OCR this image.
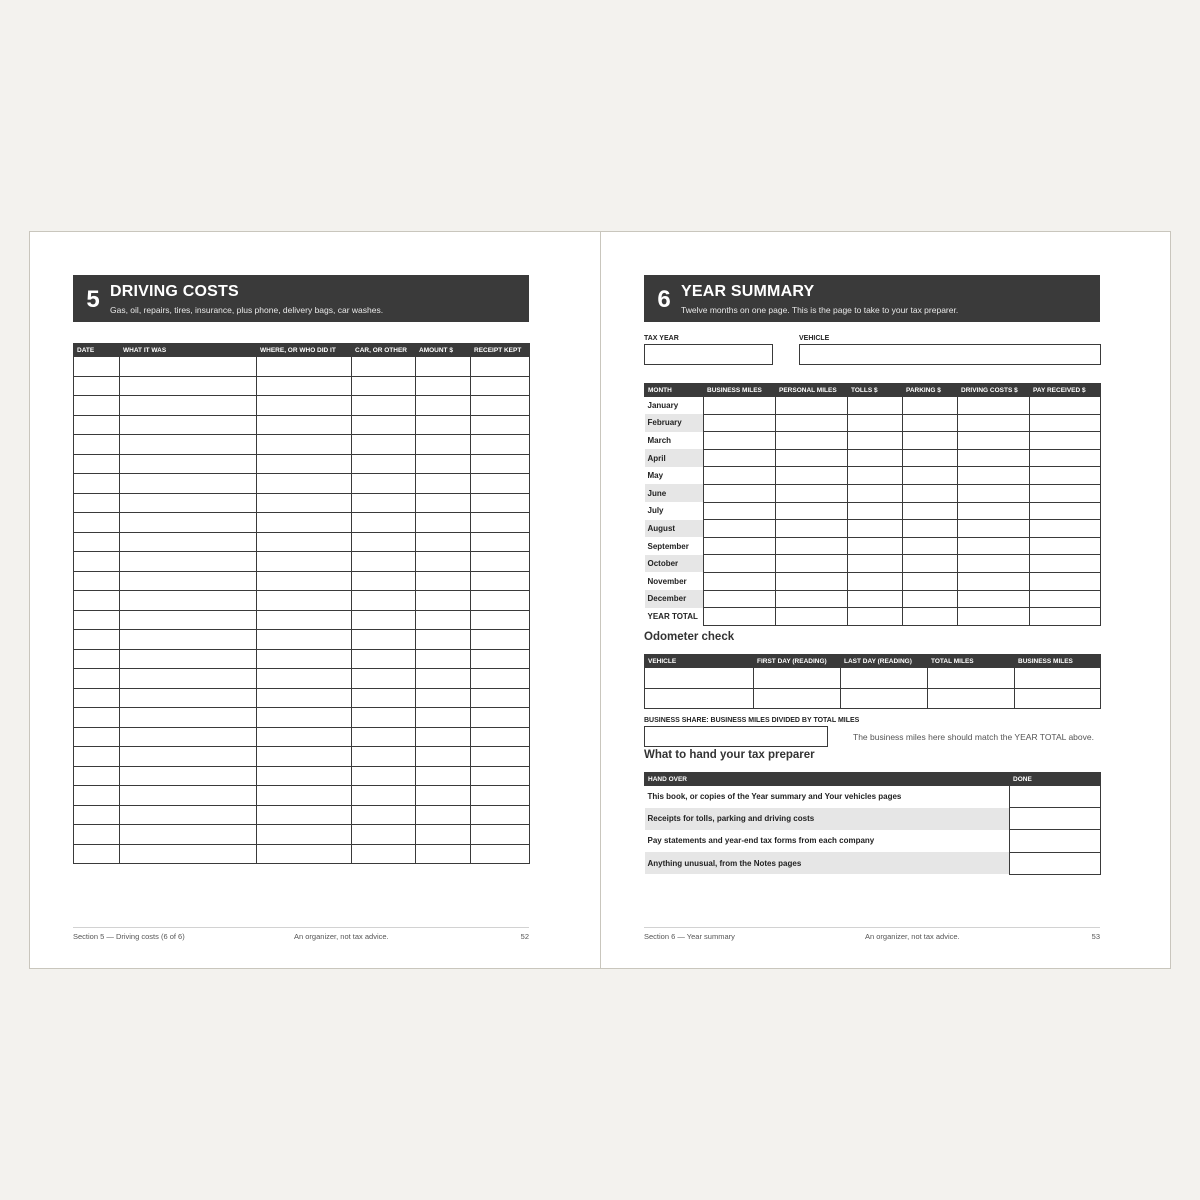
5 DRIVING COSTS
Gas, oil, repairs, tires, insurance, plus phone, delivery bags, car washes.
DATE	WHAT IT WAS	WHERE, OR WHO DID IT	CAR, OR OTHER	AMOUNT $	RECEIPT KEPT

Section 5 — Driving costs (6 of 6)	An organizer, not tax advice.	52
6 YEAR SUMMARY
Twelve months on one page. This is the page to take to your tax preparer.
TAX YEAR	VEHICLE
MONTH	BUSINESS MILES	PERSONAL MILES	TOLLS $	PARKING $	DRIVING COSTS $	PAY RECEIVED $
January						
February						
March						
April						
May						
June						
July						
August						
September						
October						
November						
December						
YEAR TOTAL						
Odometer check
VEHICLE	FIRST DAY (READING)	LAST DAY (READING)	TOTAL MILES	BUSINESS MILES

BUSINESS SHARE: BUSINESS MILES DIVIDED BY TOTAL MILES
The business miles here should match the YEAR TOTAL above.
What to hand your tax preparer
HAND OVER	DONE
This book, or copies of the Year summary and Your vehicles pages	
Receipts for tolls, parking and driving costs	
Pay statements and year-end tax forms from each company	
Anything unusual, from the Notes pages	
Section 6 — Year summary	An organizer, not tax advice.	53
